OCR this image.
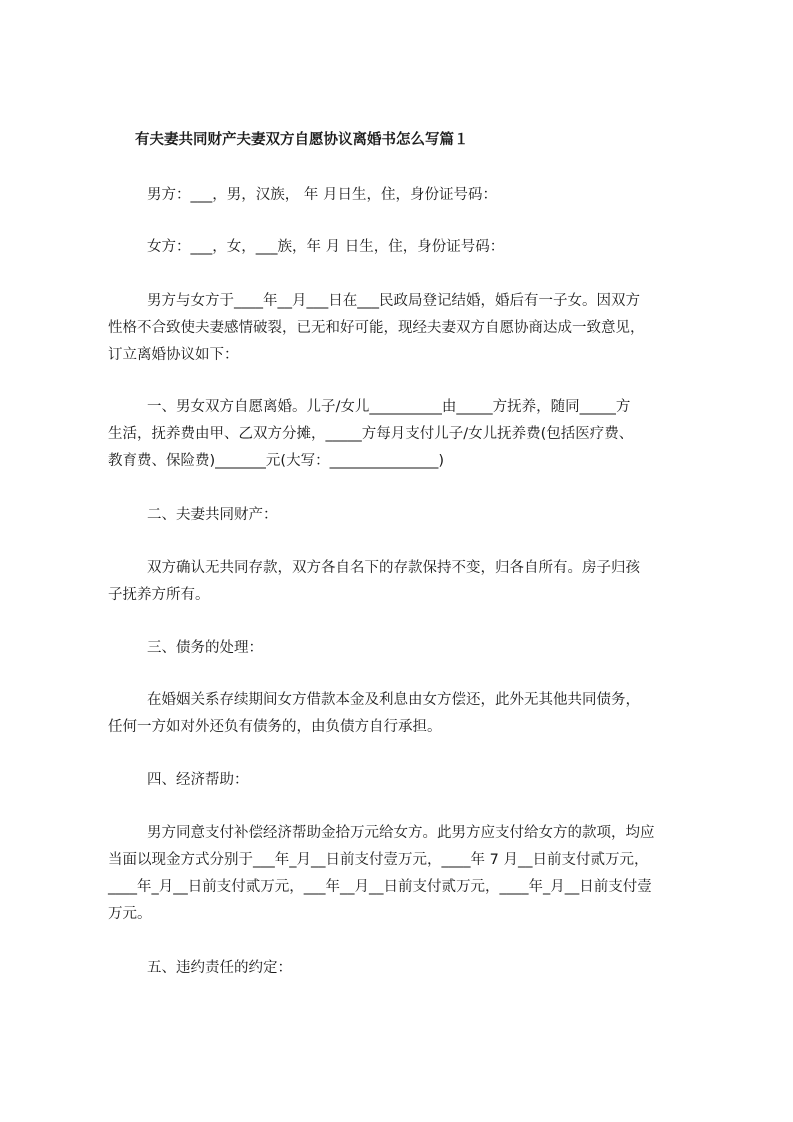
有夫妻共同财产夫妻双方自愿协议离婚书怎么写篇１
男方：___，男，汉族， 年 月日生，住，身份证号码：
女方：___，女，___族，年 月 日生，住，身份证号码：
男方与女方于____年__月___日在___民政局登记结婚，婚后有一子女。因双方
性格不合致使夫妻感情破裂，已无和好可能，现经夫妻双方自愿协商达成一致意见，
订立离婚协议如下：
一、男女双方自愿离婚。儿子/女儿__________由_____方抚养，随同_____方
生活，抚养费由甲、乙双方分摊，_____方每月支付儿子/女儿抚养费(包括医疗费、
教育费、保险费)_______元(大写：_______________)
二、夫妻共同财产：
双方确认无共同存款，双方各自名下的存款保持不变，归各自所有。房子归孩
子抚养方所有。
三、债务的处理：
在婚姻关系存续期间女方借款本金及利息由女方偿还，此外无其他共同债务，
任何一方如对外还负有债务的，由负债方自行承担。
四、经济帮助：
男方同意支付补偿经济帮助金拾万元给女方。此男方应支付给女方的款项，均应
当面以现金方式分别于___年_月__日前支付壹万元，____年 7 月__日前支付贰万元，
____年_月__日前支付贰万元，___年__月__日前支付贰万元，____年_月__日前支付壹
万元。
五、违约责任的约定：
